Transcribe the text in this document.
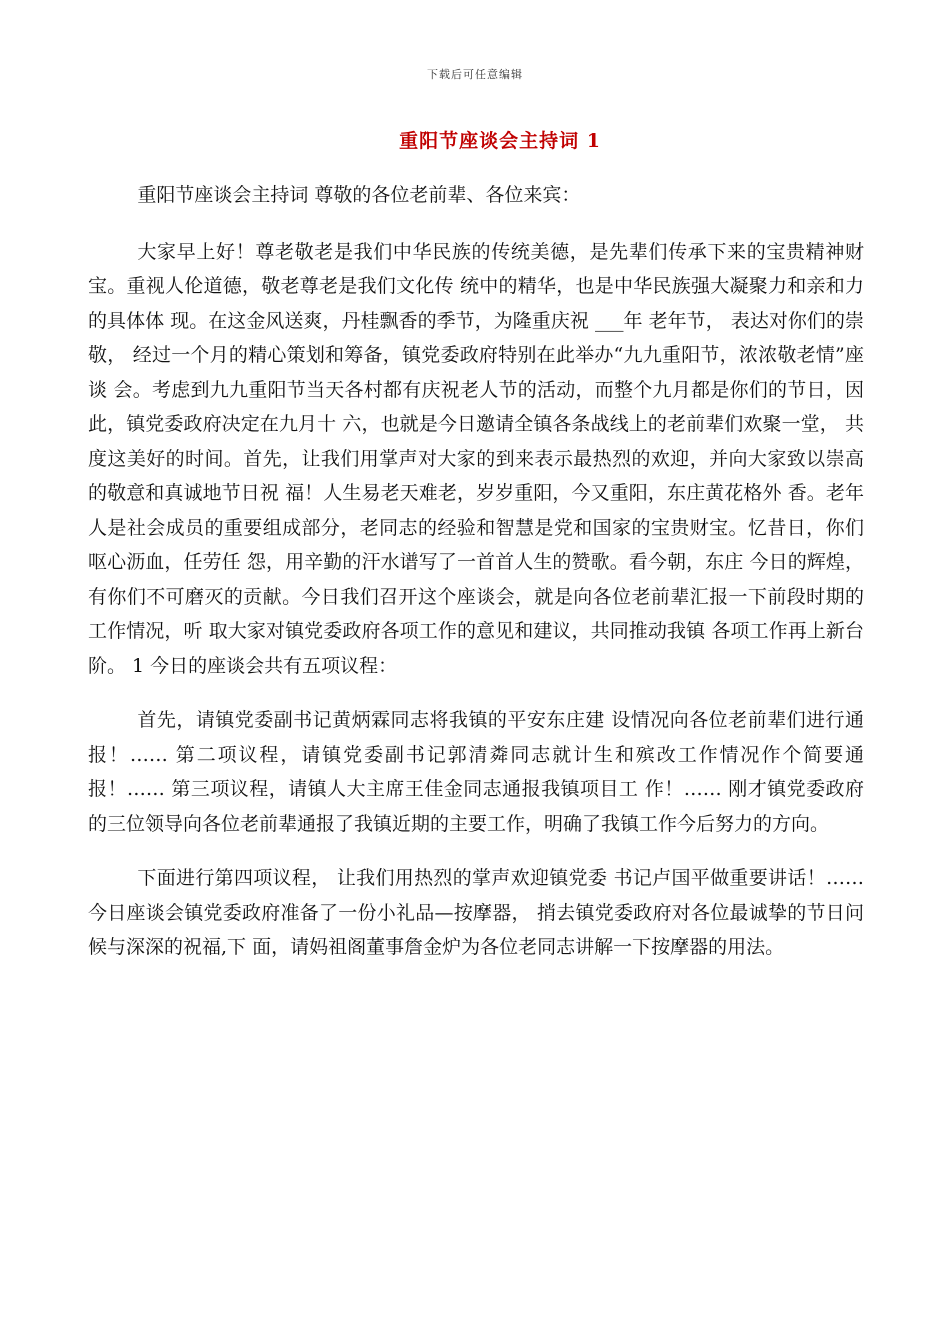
下载后可任意编辑
重阳节座谈会主持词 1

重阳节座谈会主持词 尊敬的各位老前辈、各位来宾：

大家早上好！尊老敬老是我们中华民族的传统美德，是先辈们传承下来的宝贵精神财宝。重视人伦道德，敬老尊老是我们文化传 统中的精华，也是中华民族强大凝聚力和亲和力的具体体 现。在这金风送爽，丹桂飘香的季节，为隆重庆祝 ___年 老年节， 表达对你们的崇敬， 经过一个月的精心策划和筹备，镇党委政府特别在此举办“九九重阳节，浓浓敬老情”座谈 会。考虑到九九重阳节当天各村都有庆祝老人节的活动，而整个九月都是你们的节日，因此，镇党委政府决定在九月十 六，也就是今日邀请全镇各条战线上的老前辈们欢聚一堂， 共度这美好的时间。首先，让我们用掌声对大家的到来表示最热烈的欢迎，并向大家致以崇高的敬意和真诚地节日祝 福！人生易老天难老，岁岁重阳，今又重阳，东庄黄花格外 香。老年人是社会成员的重要组成部分，老同志的经验和智慧是党和国家的宝贵财宝。忆昔日，你们呕心沥血，任劳任 怨，用辛勤的汗水谱写了一首首人生的赞歌。看今朝，东庄 今日的辉煌，有你们不可磨灭的贡献。今日我们召开这个座谈会，就是向各位老前辈汇报一下前段时期的工作情况，听 取大家对镇党委政府各项工作的意见和建议，共同推动我镇 各项工作再上新台阶。 1 今日的座谈会共有五项议程：

首先，请镇党委副书记黄炳霖同志将我镇的平安东庄建 设情况向各位老前辈们进行通报！…… 第二项议程，请镇党委副书记郭清粦同志就计生和殡改工作情况作个简要通报！…… 第三项议程，请镇人大主席王佳金同志通报我镇项目工 作！…… 刚才镇党委政府的三位领导向各位老前辈通报了我镇近期的主要工作，明确了我镇工作今后努力的方向。

下面进行第四项议程， 让我们用热烈的掌声欢迎镇党委 书记卢国平做重要讲话！…… 今日座谈会镇党委政府准备了一份小礼品—按摩器， 捎去镇党委政府对各位最诚挚的节日问候与深深的祝福,下 面，请妈祖阁董事詹金炉为各位老同志讲解一下按摩器的用法。
